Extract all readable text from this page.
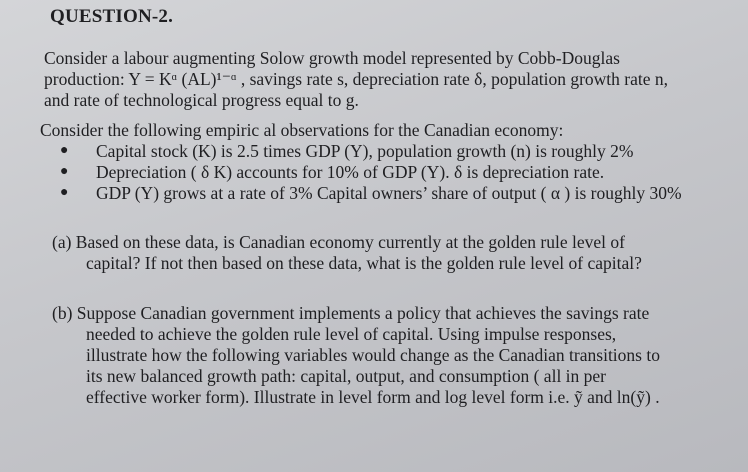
QUESTION-2.
Consider a labour augmenting Solow growth model represented by Cobb-Douglas
production: Y = Kᵅ (AL)¹⁻ᵅ , savings rate s, depreciation rate δ, population growth rate n,
and rate of technological progress equal to g.
Consider the following empiric al observations for the Canadian economy:
●	Capital stock (K) is 2.5 times GDP (Y), population growth (n) is roughly 2%
●	Depreciation ( δ K) accounts for 10% of GDP (Y). δ is depreciation rate.
●	GDP (Y) grows at a rate of 3% Capital owners’ share of output ( α ) is roughly 30%
(a) Based on these data, is Canadian economy currently at the golden rule level of
capital? If not then based on these data, what is the golden rule level of capital?
(b) Suppose Canadian government implements a policy that achieves the savings rate
needed to achieve the golden rule level of capital. Using impulse responses,
illustrate how the following variables would change as the Canadian transitions to
its new balanced growth path: capital, output, and consumption ( all in per
effective worker form). Illustrate in level form and log level form i.e. ỹ and ln(ỹ) .
